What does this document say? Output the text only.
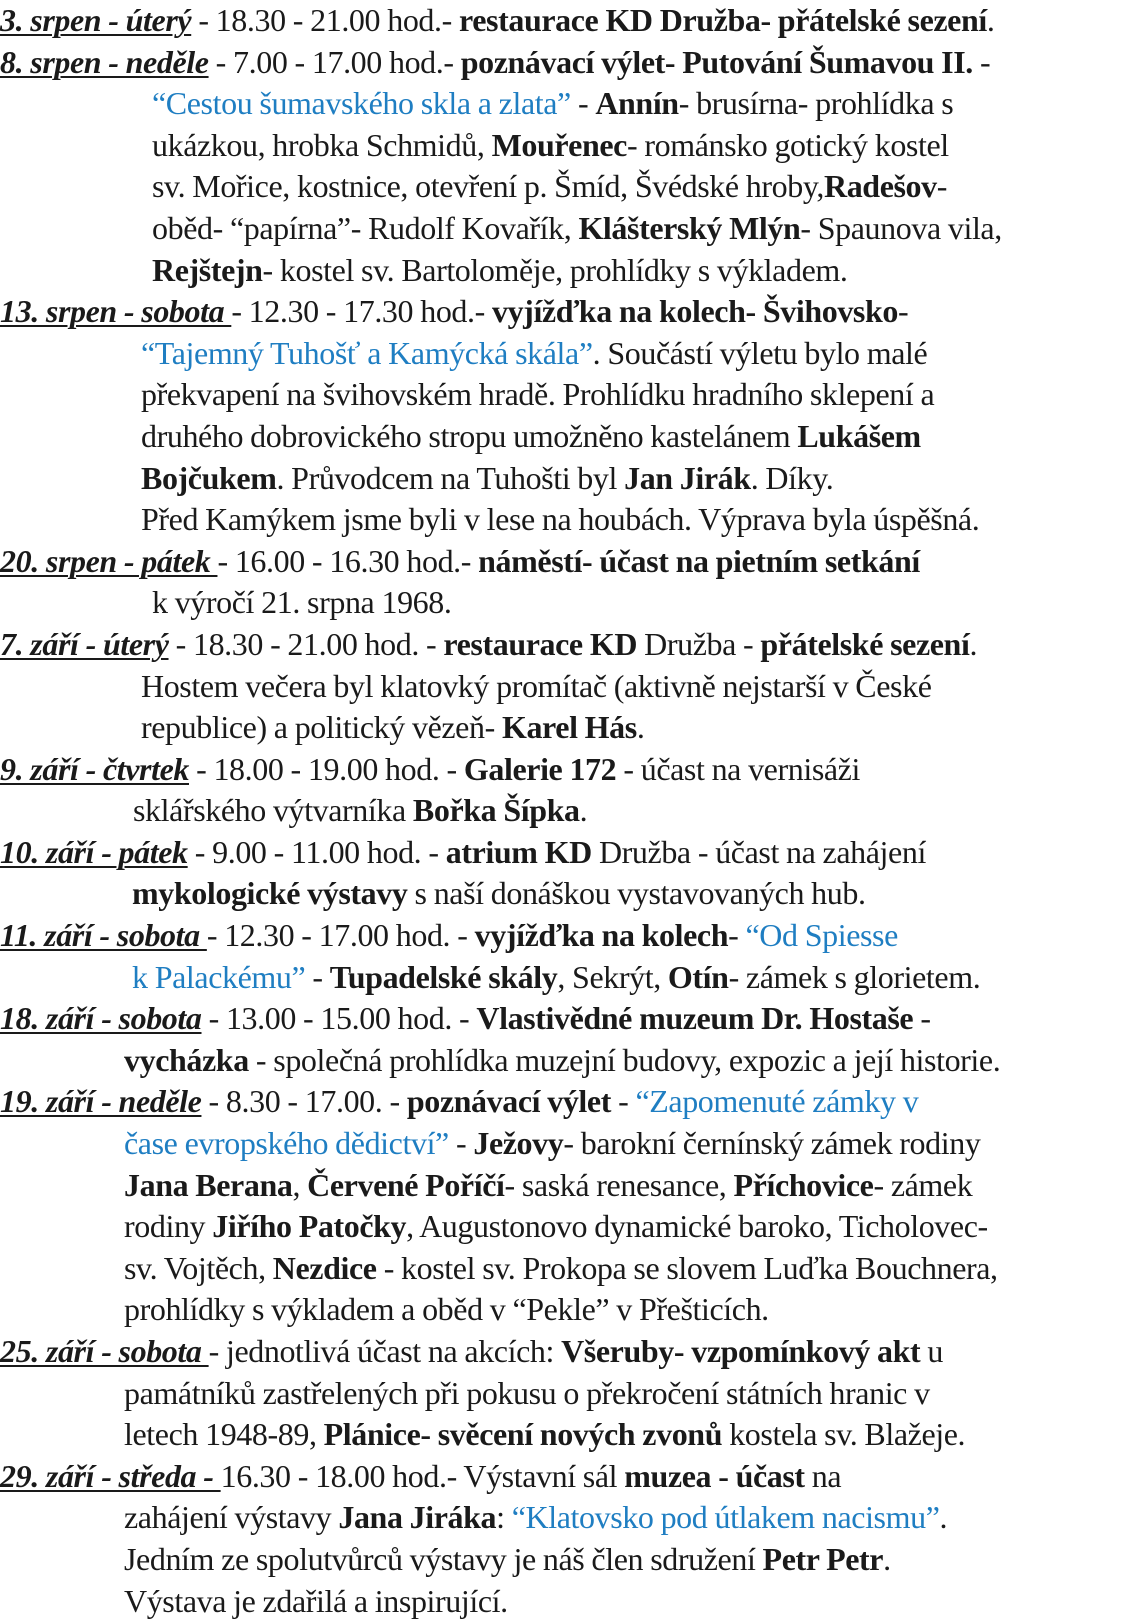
3. srpen - úterý - 18.30 - 21.00 hod.- restaurace KD Družba- přátelské sezení.
8. srpen - neděle - 7.00 - 17.00 hod.- poznávací výlet- Putování Šumavou II. -
“Cestou šumavského skla a zlata” - Annín- brusírna- prohlídka s
ukázkou, hrobka Schmidů, Mouřenec- románsko gotický kostel
sv. Mořice, kostnice, otevření p. Šmíd, Švédské hroby,Radešov-
oběd- “papírna”- Rudolf Kovařík, Klášterský Mlýn- Spaunova vila,
Rejštejn- kostel sv. Bartoloměje, prohlídky s výkladem.
13. srpen - sobota - 12.30 - 17.30 hod.- vyjížďka na kolech- Švihovsko-
“Tajemný Tuhošť a Kamýcká skála”. Součástí výletu bylo malé
překvapení na švihovském hradě. Prohlídku hradního sklepení a
druhého dobrovického stropu umožněno kastelánem Lukášem
Bojčukem. Průvodcem na Tuhošti byl Jan Jirák. Díky.
Před Kamýkem jsme byli v lese na houbách. Výprava byla úspěšná.
20. srpen - pátek - 16.00 - 16.30 hod.- náměstí- účast na pietním setkání
k výročí 21. srpna 1968.
7. září - úterý - 18.30 - 21.00 hod. - restaurace KD Družba - přátelské sezení.
Hostem večera byl klatovký promítač (aktivně nejstarší v České
republice) a politický vězeň- Karel Hás.
9. září - čtvrtek - 18.00 - 19.00 hod. - Galerie 172 - účast na vernisáži
sklářského výtvarníka Bořka Šípka.
10. září - pátek - 9.00 - 11.00 hod. - atrium KD Družba - účast na zahájení
mykologické výstavy s naší donáškou vystavovaných hub.
11. září - sobota - 12.30 - 17.00 hod. - vyjížďka na kolech- “Od Spiesse
k Palackému” - Tupadelské skály, Sekrýt, Otín- zámek s glorietem.
18. září - sobota - 13.00 - 15.00 hod. - Vlastivědné muzeum Dr. Hostaše -
vycházka - společná prohlídka muzejní budovy, expozic a její historie.
19. září - neděle - 8.30 - 17.00. - poznávací výlet - “Zapomenuté zámky v
čase evropského dědictví” - Ježovy- barokní černínský zámek rodiny
Jana Berana, Červené Poříčí- saská renesance, Příchovice- zámek
rodiny Jiřího Patočky, Augustonovo dynamické baroko, Ticholovec-
sv. Vojtěch, Nezdice - kostel sv. Prokopa se slovem Luďka Bouchnera,
prohlídky s výkladem a oběd v “Pekle” v Přešticích.
25. září - sobota - jednotlivá účast na akcích: Všeruby- vzpomínkový akt u
památníků zastřelených při pokusu o překročení státních hranic v
letech 1948-89, Plánice- svěcení nových zvonů kostela sv. Blažeje.
29. září - středa - 16.30 - 18.00 hod.- Výstavní sál muzea - účast na
zahájení výstavy Jana Jiráka: “Klatovsko pod útlakem nacismu”.
Jedním ze spolutvůrců výstavy je náš člen sdružení Petr Petr.
Výstava je zdařilá a inspirující.
